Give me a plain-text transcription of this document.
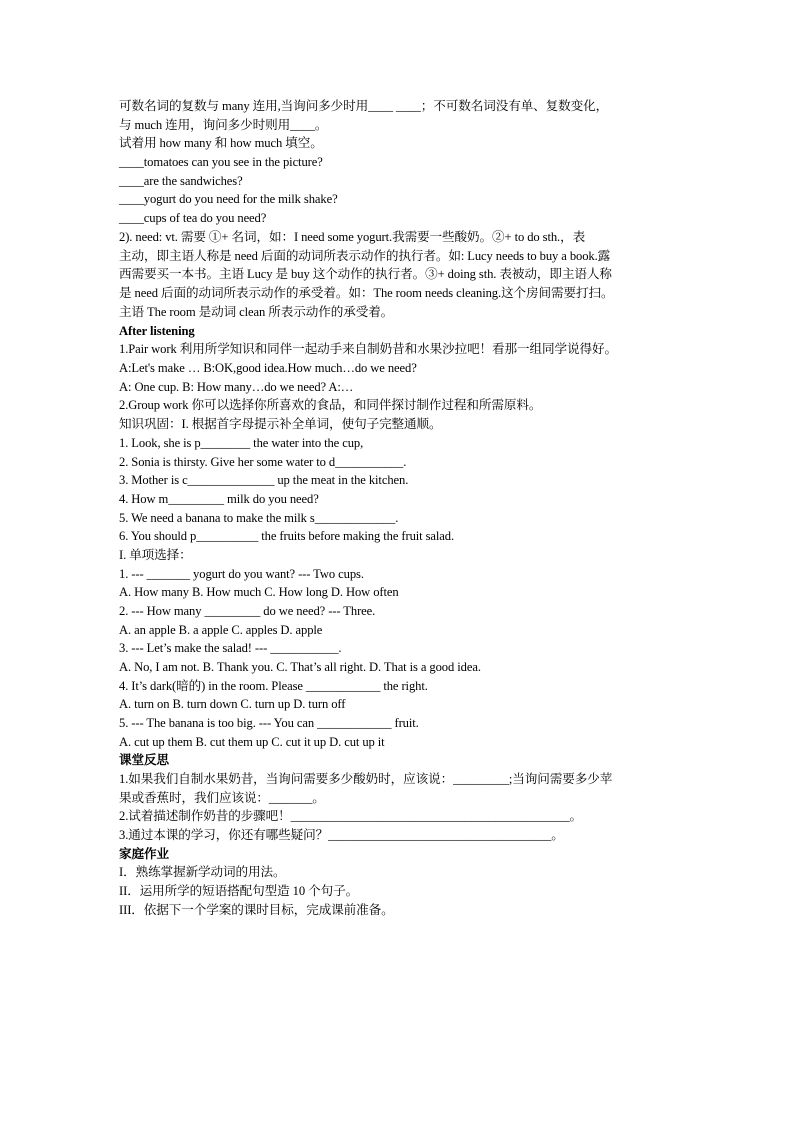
可数名词的复数与 many 连用,当询问多少时用____ ____；不可数名词没有单、复数变化，
与 much 连用，询问多少时则用____。
试着用 how many 和 how much 填空。
____tomatoes can you see in the picture?
____are the sandwiches?
____yogurt do you need for the milk shake?
____cups of tea do you need?
2). need: vt. 需要 ①+ 名词，如：I need some yogurt.我需要一些酸奶。②+ to do sth.，表
主动，即主语人称是 need 后面的动词所表示动作的执行者。如: Lucy needs to buy a book.露
西需要买一本书。主语 Lucy 是 buy 这个动作的执行者。③+ doing sth. 表被动，即主语人称
是 need 后面的动词所表示动作的承受着。如：The room needs cleaning.这个房间需要打扫。
主语 The room 是动词 clean 所表示动作的承受着。
After listening
1.Pair work 利用所学知识和同伴一起动手来自制奶昔和水果沙拉吧！看那一组同学说得好。
A:Let's make … B:OK,good idea.How much…do we need?
A: One cup. B: How many…do we need? A:…
2.Group work 你可以选择你所喜欢的食品，和同伴探讨制作过程和所需原料。
知识巩固：I. 根据首字母提示补全单词，使句子完整通顺。
1. Look, she is p________ the water into the cup,
2. Sonia is thirsty. Give her some water to d___________.
3. Mother is c______________ up the meat in the kitchen.
4. How m_________ milk do you need?
5. We need a banana to make the milk s_____________.
6. You should p__________ the fruits before making the fruit salad.
I. 单项选择：
1. --- _______ yogurt do you want? --- Two cups.
A. How many B. How much C. How long D. How often
2. --- How many _________ do we need? --- Three.
A. an apple B. a apple C. apples D. apple
3. --- Let’s make the salad! --- ___________.
A. No, I am not. B. Thank you. C. That’s all right. D. That is a good idea.
4. It’s dark(暗的) in the room. Please ____________ the right.
A. turn on B. turn down C. turn up D. turn off
5. --- The banana is too big. --- You can ____________ fruit.
A. cut up them B. cut them up C. cut it up D. cut up it
课堂反思
1.如果我们自制水果奶昔，当询问需要多少酸奶时，应该说：_________;当询问需要多少苹
果或香蕉时，我们应该说：_______。
2.试着描述制作奶昔的步骤吧！_____________________________________________。
3.通过本课的学习，你还有哪些疑问？____________________________________。
家庭作业
I．熟练掌握新学动词的用法。
II．运用所学的短语搭配句型造 10 个句子。
III．依据下一个学案的课时目标，完成课前准备。
